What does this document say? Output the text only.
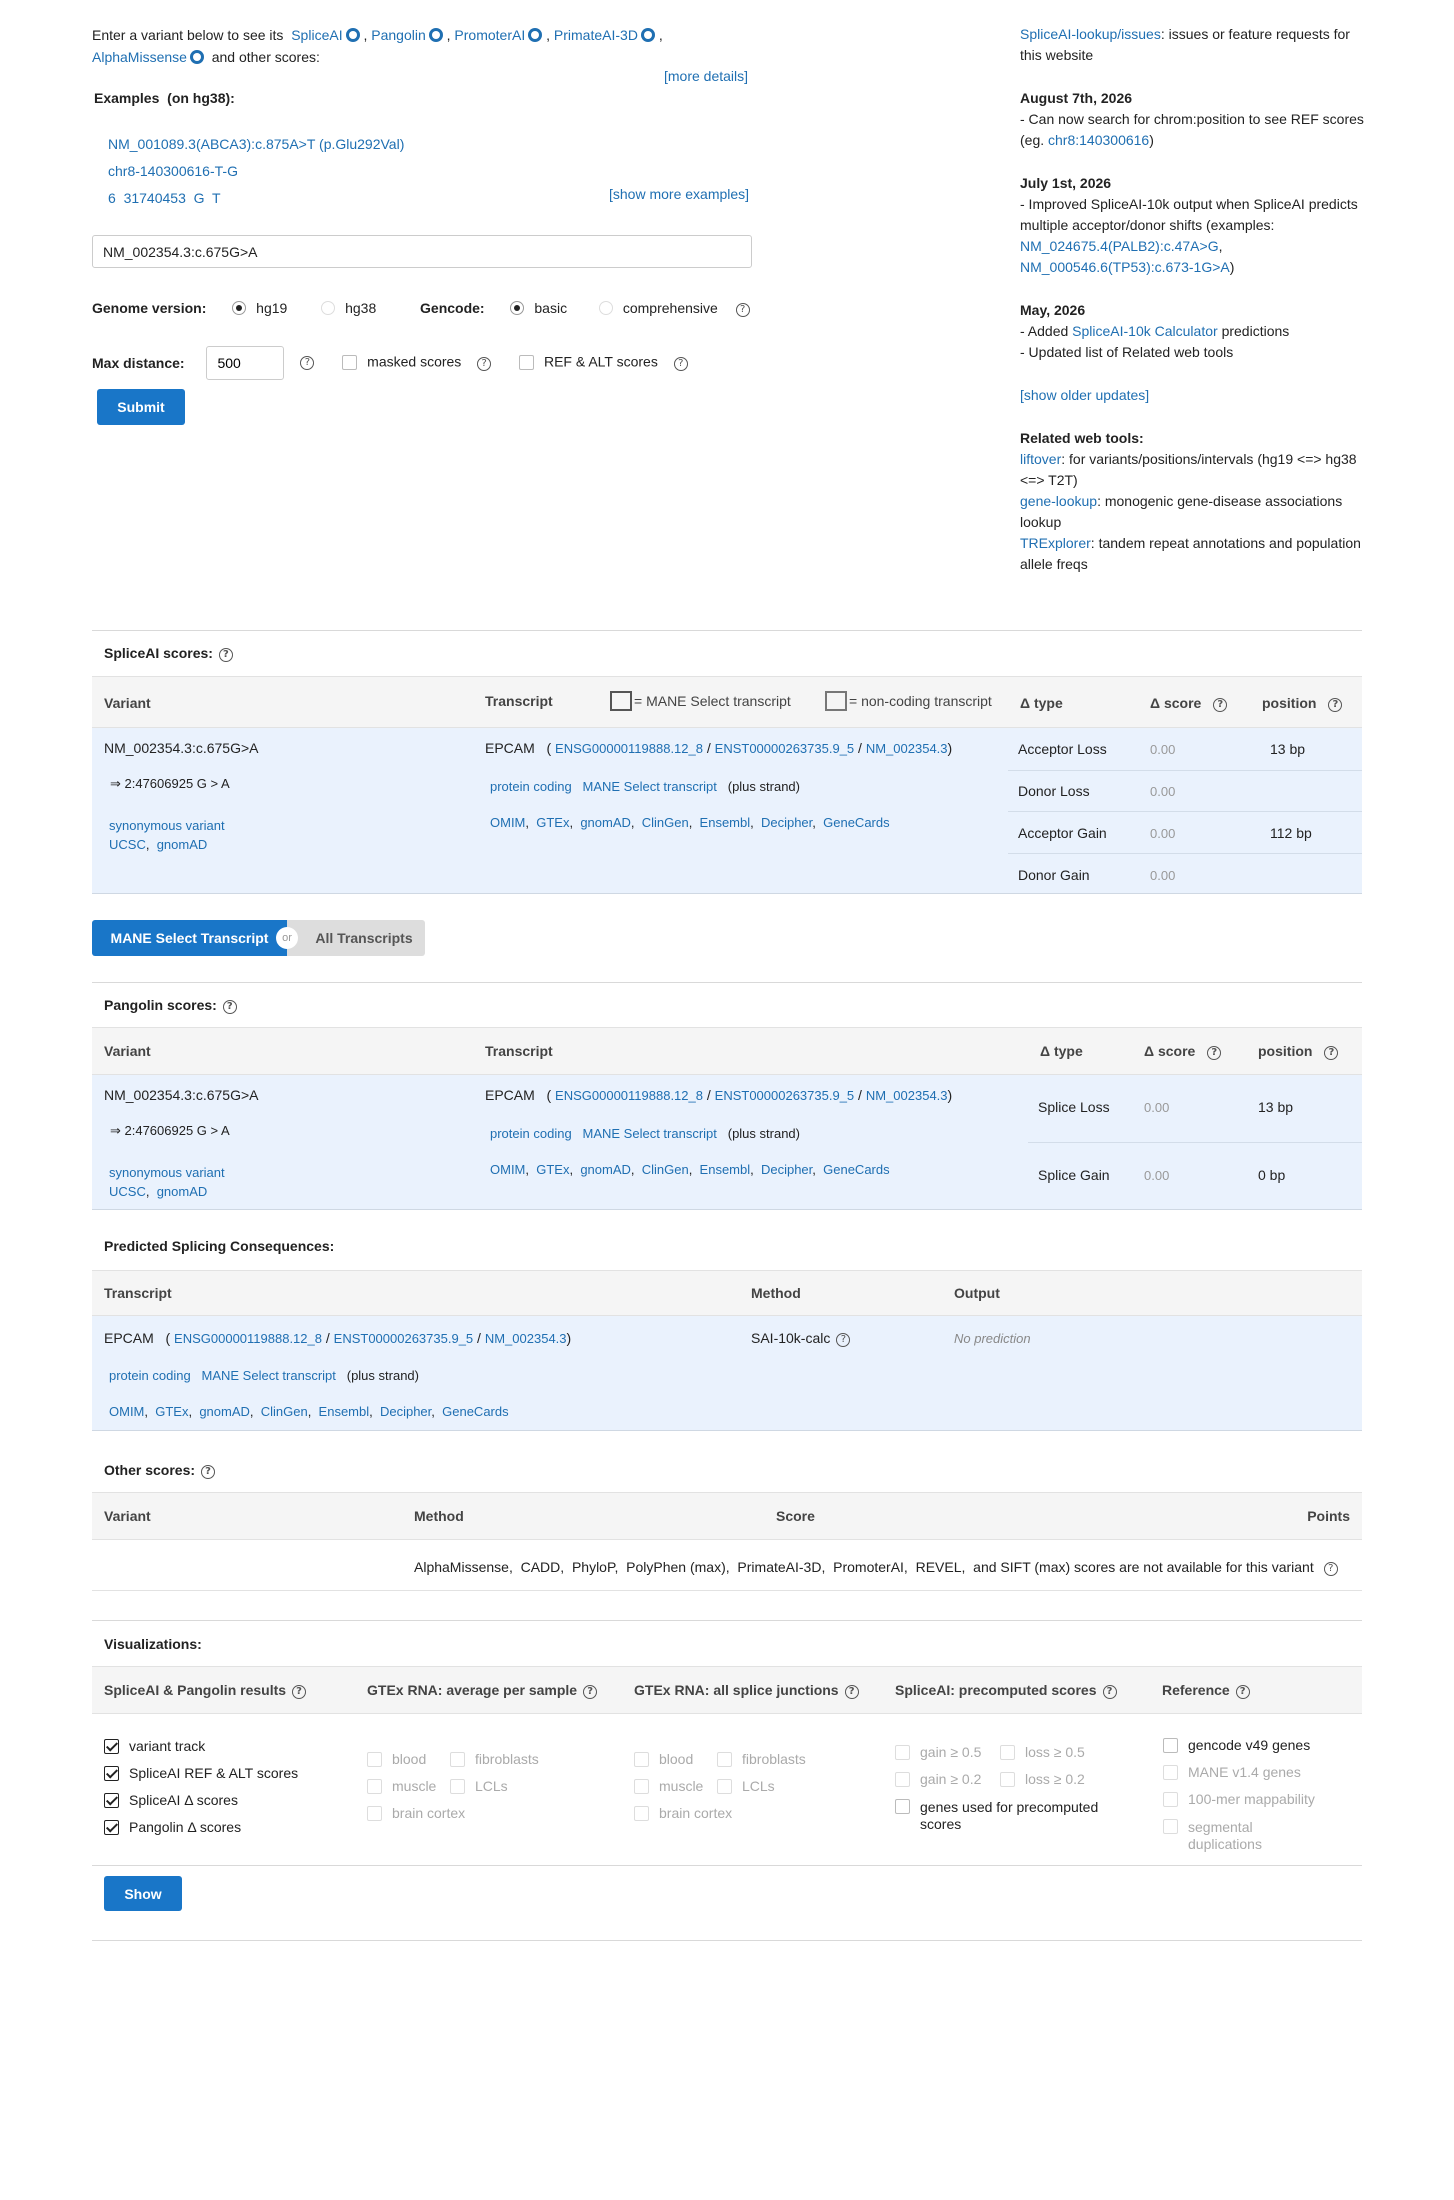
Enter a variant below to see its SpliceAI , Pangolin , PromoterAI , PrimateAI-3D ,
AlphaMissense and other scores:
[more details]
Examples (on hg38):
NM_001089.3(ABCA3):c.875A>T (p.Glu292Val)
chr8-140300616-T-G
6  31740453  G  T	[show more examples]
NM_002354.3:c.675G>A
Genome version:	hg19	hg38	Gencode:	basic	comprehensive ?
Max distance: 500	?	masked scores ?	REF & ALT scores ?
Submit
SpliceAI-lookup/issues: issues or feature requests for this website
August 7th, 2026
- Can now search for chrom:position to see REF scores (eg. chr8:140300616)
July 1st, 2026
- Improved SpliceAI-10k output when SpliceAI predicts multiple acceptor/donor shifts (examples:
NM_024675.4(PALB2):c.47A>G,
NM_000546.6(TP53):c.673-1G>A)
May, 2026
- Added SpliceAI-10k Calculator predictions
- Updated list of Related web tools
[show older updates]
Related web tools:
liftover: for variants/positions/intervals (hg19 <=> hg38 <=> T2T)
gene-lookup: monogenic gene-disease associations lookup
TRExplorer: tandem repeat annotations and population allele freqs
SpliceAI scores: ?
Variant	Transcript	= MANE Select transcript	= non-coding transcript Δ type	Δ score ?	position ?
NM_002354.3:c.675G>A
⇒ 2:47606925 G > A
synonymous variant
UCSC,  gnomAD
EPCAM   ( ENSG00000119888.12_8 / ENST00000263735.9_5 / NM_002354.3)
protein coding MANE Select transcript (plus strand)
OMIM,  GTEx,  gnomAD,  ClinGen,  Ensembl,  Decipher,  GeneCards
Acceptor Loss	0.00	13 bp
Donor Loss	0.00
Acceptor Gain	0.00	112 bp
Donor Gain	0.00
MANE Select Transcript	All Transcripts
or
Pangolin scores: ?
Variant	Transcript	Δ type	Δ score ?	position ?
NM_002354.3:c.675G>A
⇒ 2:47606925 G > A
synonymous variant
UCSC,  gnomAD
EPCAM   ( ENSG00000119888.12_8 / ENST00000263735.9_5 / NM_002354.3)
protein coding MANE Select transcript (plus strand)
OMIM,  GTEx,  gnomAD,  ClinGen,  Ensembl,  Decipher,  GeneCards
Splice Loss	0.00	13 bp
Splice Gain	0.00	0 bp
Predicted Splicing Consequences:
Transcript	Method	Output
EPCAM   ( ENSG00000119888.12_8 / ENST00000263735.9_5 / NM_002354.3)
protein coding MANE Select transcript (plus strand)
OMIM,  GTEx,  gnomAD,  ClinGen,  Ensembl,  Decipher,  GeneCards
SAI-10k-calc ?	No prediction
Other scores: ?
Variant	Method	Score	Points
AlphaMissense,  CADD,  PhyloP,  PolyPhen (max),  PrimateAI-3D,  PromoterAI,  REVEL,  and SIFT (max) scores are not available for this variant ?
Visualizations:
SpliceAI & Pangolin results ?	GTEx RNA: average per sample ?	GTEx RNA: all splice junctions ?	SpliceAI: precomputed scores ?	Reference ?
variant track
SpliceAI REF & ALT scores
SpliceAI Δ scores
Pangolin Δ scores
blood	fibroblasts
muscle	LCLs
brain cortex
blood	fibroblasts
muscle	LCLs
brain cortex
gain ≥ 0.5	loss ≥ 0.5
gain ≥ 0.2	loss ≥ 0.2
genes used for precomputed scores
gencode v49 genes
MANE v1.4 genes
100-mer mappability
segmental duplications
Show
